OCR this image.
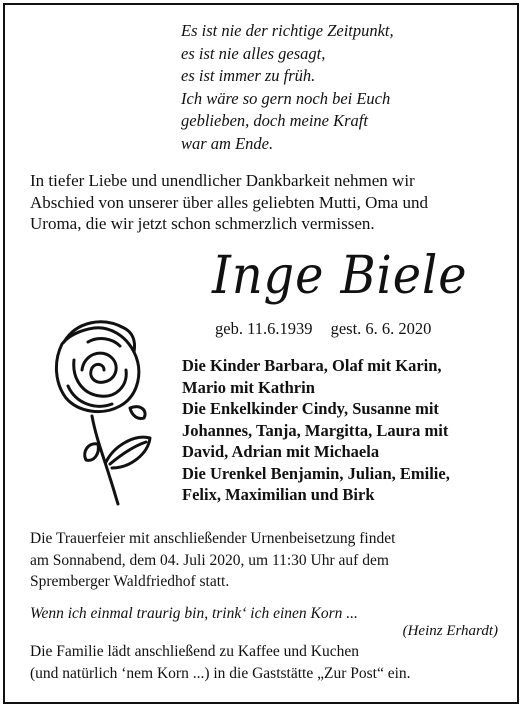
Es ist nie der richtige Zeitpunkt,
es ist nie alles gesagt,
es ist immer zu früh.
Ich wäre so gern noch bei Euch
geblieben, doch meine Kraft
war am Ende.
In tiefer Liebe und unendlicher Dankbarkeit nehmen wir
Abschied von unserer über alles geliebten Mutti, Oma und
Uroma, die wir jetzt schon schmerzlich vermissen.
Inge Biele
geb. 11.6.1939 gest. 6. 6. 2020
Die Kinder Barbara, Olaf mit Karin,
Mario mit Kathrin
Die Enkelkinder Cindy, Susanne mit
Johannes, Tanja, Margitta, Laura mit
David, Adrian mit Michaela
Die Urenkel Benjamin, Julian, Emilie,
Felix, Maximilian und Birk
Die Trauerfeier mit anschließender Urnenbeisetzung findet
am Sonnabend, dem 04. Juli 2020, um 11:30 Uhr auf dem
Spremberger Waldfriedhof statt.
Wenn ich einmal traurig bin, trink‘ ich einen Korn ...
(Heinz Erhardt)
Die Familie lädt anschließend zu Kaffee und Kuchen
(und natürlich ‘nem Korn ...) in die Gaststätte „Zur Post“ ein.
